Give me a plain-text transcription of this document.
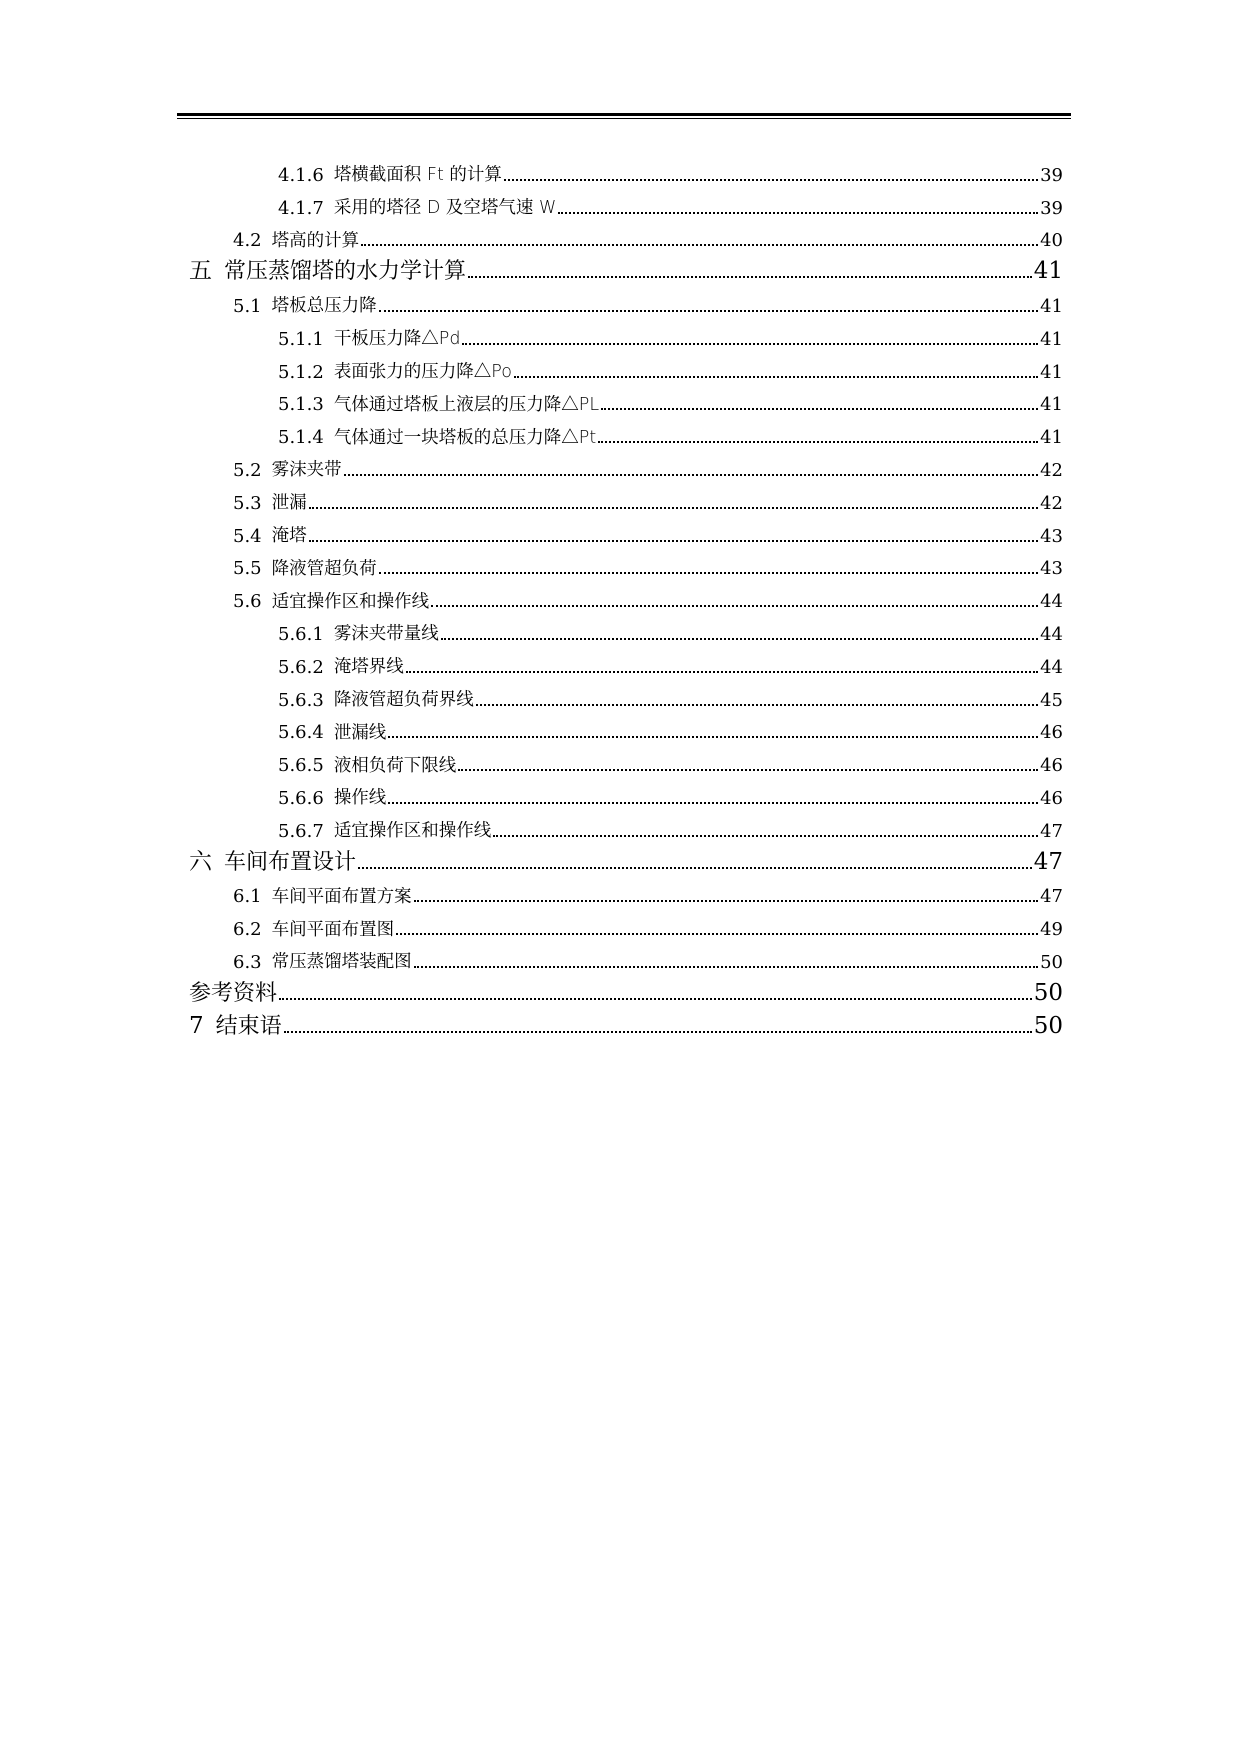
4.1.6 塔横截面积 Ft 的计算	39
4.1.7 采用的塔径 D 及空塔气速 W	39
4.2 塔高的计算	40
五 常压蒸馏塔的水力学计算	41
5.1 塔板总压力降	41
5.1.1 干板压力降△Pd	41
5.1.2 表面张力的压力降△Po	41
5.1.3 气体通过塔板上液层的压力降△PL	41
5.1.4 气体通过一块塔板的总压力降△Pt	41
5.2 雾沫夹带	42
5.3 泄漏	42
5.4 淹塔	43
5.5 降液管超负荷	43
5.6 适宜操作区和操作线	44
5.6.1 雾沫夹带量线	44
5.6.2 淹塔界线	44
5.6.3 降液管超负荷界线	45
5.6.4 泄漏线	46
5.6.5 液相负荷下限线	46
5.6.6 操作线	46
5.6.7 适宜操作区和操作线	47
六 车间布置设计	47
6.1 车间平面布置方案	47
6.2 车间平面布置图	49
6.3 常压蒸馏塔装配图	50
参考资料	50
7 结束语	50
